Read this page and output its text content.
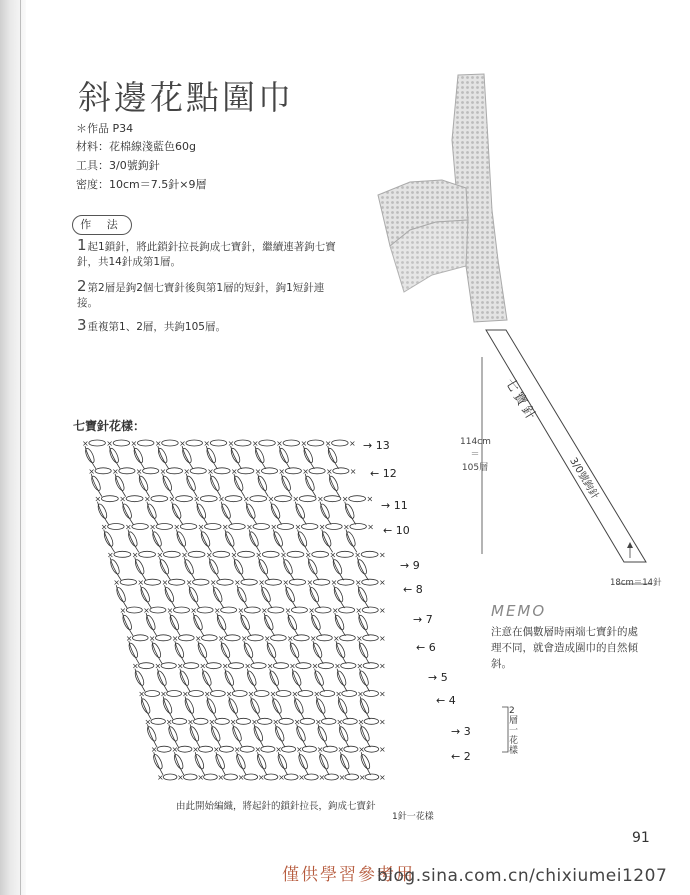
斜邊花點圍巾
＊作品 P34
材料：花棉線淺藍色60g
工具：3/0號鉤針
密度：10cm＝7.5針×9層
作 法
1起1鎖針，將此鎖針拉長鉤成七寶針，繼續連著鉤七寶針，共14針成第1層。
2第2層是鉤2個七寶針後與第1層的短針，鉤1短針連接。
3重複第1、2層，共鉤105層。
七寶針
3/0號鉤針
114cm
＝
105層
18cm＝14針
七寶針花樣：
× × × × × × × × × × × ×
× × × × × × × × × × × ×
× × × × × × × × × × × ×
× × × × × × × × × × × ×
× × × × × × × × × × × ×
× × × × × × × × × × × ×
× × × × × × × × × × × ×
× × × × × × × × × × × ×
× × × × × × × × × × × ×
× × × × × × × × × × × ×
× × × × × × × × × × × ×
× × × × × × × × × × × ×
× × × × × × × × × × × ×
→ 13
← 12
→ 11
← 10
→ 9
← 8
→ 7
← 6
→ 5
← 4
→ 3
← 2
2層一花樣
由此開始編織，將起針的鎖針拉長，鉤成七寶針
1針一花樣
MEMO
注意在偶數層時兩端七寶針的處理不同，就會造成圍巾的自然傾斜。
91
僅供學習參考用
blog.sina.com.cn/chixiumei1207
